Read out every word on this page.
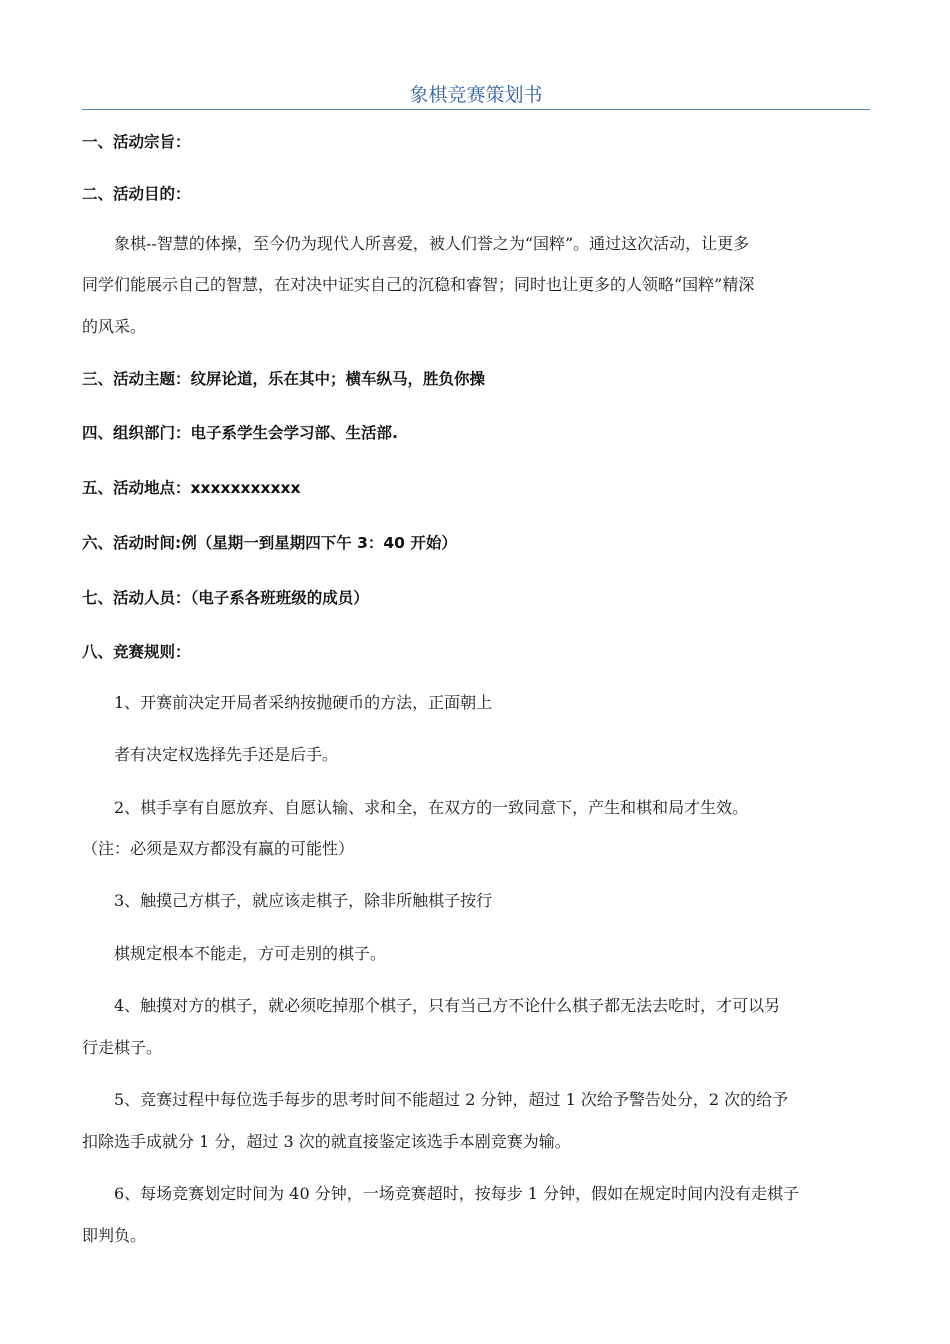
象棋竞赛策划书
一、活动宗旨：
二、活动目的：
象棋--智慧的体操，至今仍为现代人所喜爱，被人们誉之为“国粹”。通过这次活动，让更多
同学们能展示自己的智慧，在对决中证实自己的沉稳和睿智；同时也让更多的人领略“国粹”精深
的风采。
三、活动主题：纹屏论道，乐在其中；横车纵马，胜负你操
四、组织部门：电子系学生会学习部、生活部.
五、活动地点：xxxxxxxxxxx
六、活动时间:例（星期一到星期四下午 3：40 开始）
七、活动人员：（电子系各班班级的成员）
八、竞赛规则：
1、开赛前决定开局者采纳按抛硬币的方法，正面朝上
者有决定权选择先手还是后手。
2、棋手享有自愿放弃、自愿认输、求和全，在双方的一致同意下，产生和棋和局才生效。
（注：必须是双方都没有赢的可能性）
3、触摸己方棋子，就应该走棋子，除非所触棋子按行
棋规定根本不能走，方可走别的棋子。
4、触摸对方的棋子，就必须吃掉那个棋子，只有当己方不论什么棋子都无法去吃时，才可以另
行走棋子。
5、竞赛过程中每位选手每步的思考时间不能超过 2 分钟，超过 1 次给予警告处分，2 次的给予
扣除选手成就分 1 分，超过 3 次的就直接鉴定该选手本剧竞赛为输。
6、每场竞赛划定时间为 40 分钟，一场竞赛超时，按每步 1 分钟，假如在规定时间内没有走棋子
即判负。
